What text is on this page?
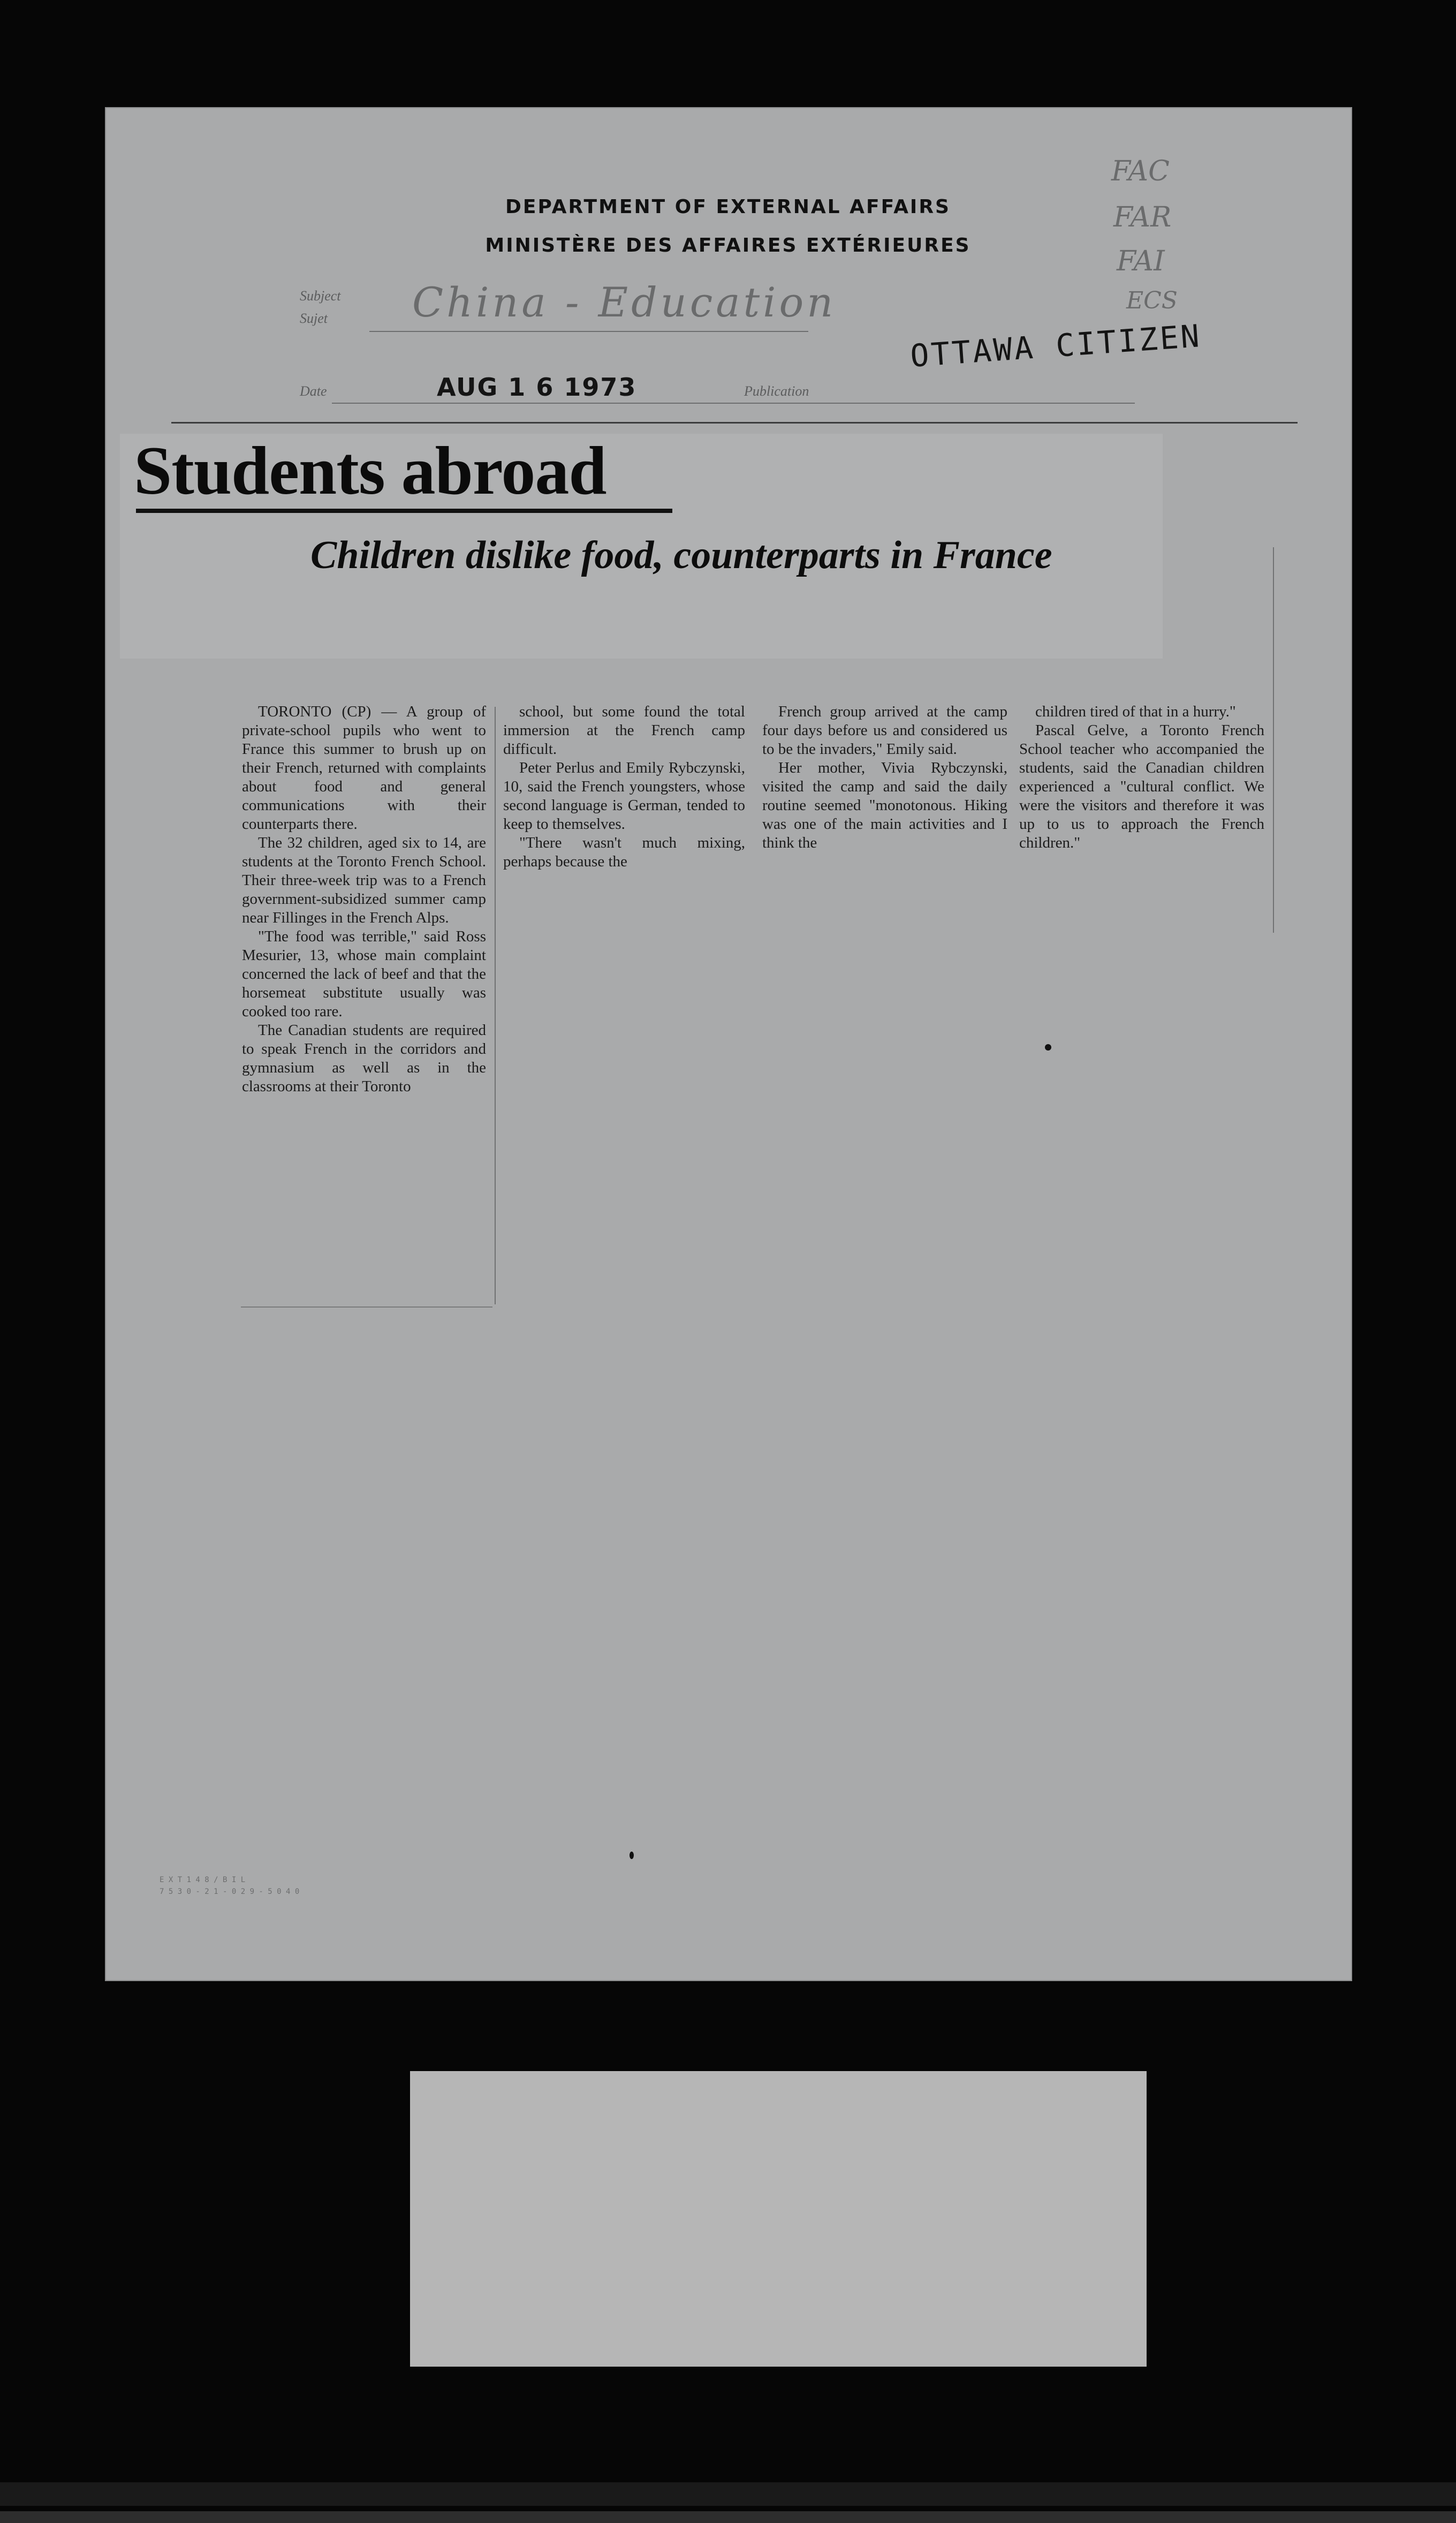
DEPARTMENT OF EXTERNAL AFFAIRS
MINISTÈRE DES AFFAIRES EXTÉRIEURES
FAC
FAR
FAI
ECS
Subject
Sujet China - Education
Date	AUG 1 6 1973	Publication
OTTAWA CITIZEN
Students abroad
Children dislike food, counterparts in France

TORONTO (CP) — A group of private-school pupils who went to France this summer to brush up on their French, returned with complaints about food and general communications with their counterparts there.

The 32 children, aged six to 14, are students at the Toronto French School. Their three-week trip was to a French government-subsidized summer camp near Fillinges in the French Alps.

"The food was terrible," said Ross Mesurier, 13, whose main complaint concerned the lack of beef and that the horsemeat substitute usually was cooked too rare.

The Canadian students are required to speak French in the corridors and gymnasium as well as in the classrooms at their Toronto

school, but some found the total immersion at the French camp difficult.

Peter Perlus and Emily Rybczynski, 10, said the French youngsters, whose second language is German, tended to keep to themselves.

"There wasn't much mixing, perhaps because the

French group arrived at the camp four days before us and considered us to be the invaders," Emily said.

Her mother, Vivia Rybczynski, visited the camp and said the daily routine seemed "monotonous. Hiking was one of the main activities and I think the

children tired of that in a hurry."

Pascal Gelve, a Toronto French School teacher who accompanied the students, said the Canadian children experienced a "cultural conflict. We were the visitors and therefore it was up to us to approach the French children."

E X T 1 4 8 / B I L
7 5 3 0 - 2 1 - 0 2 9 - 5 0 4 0
